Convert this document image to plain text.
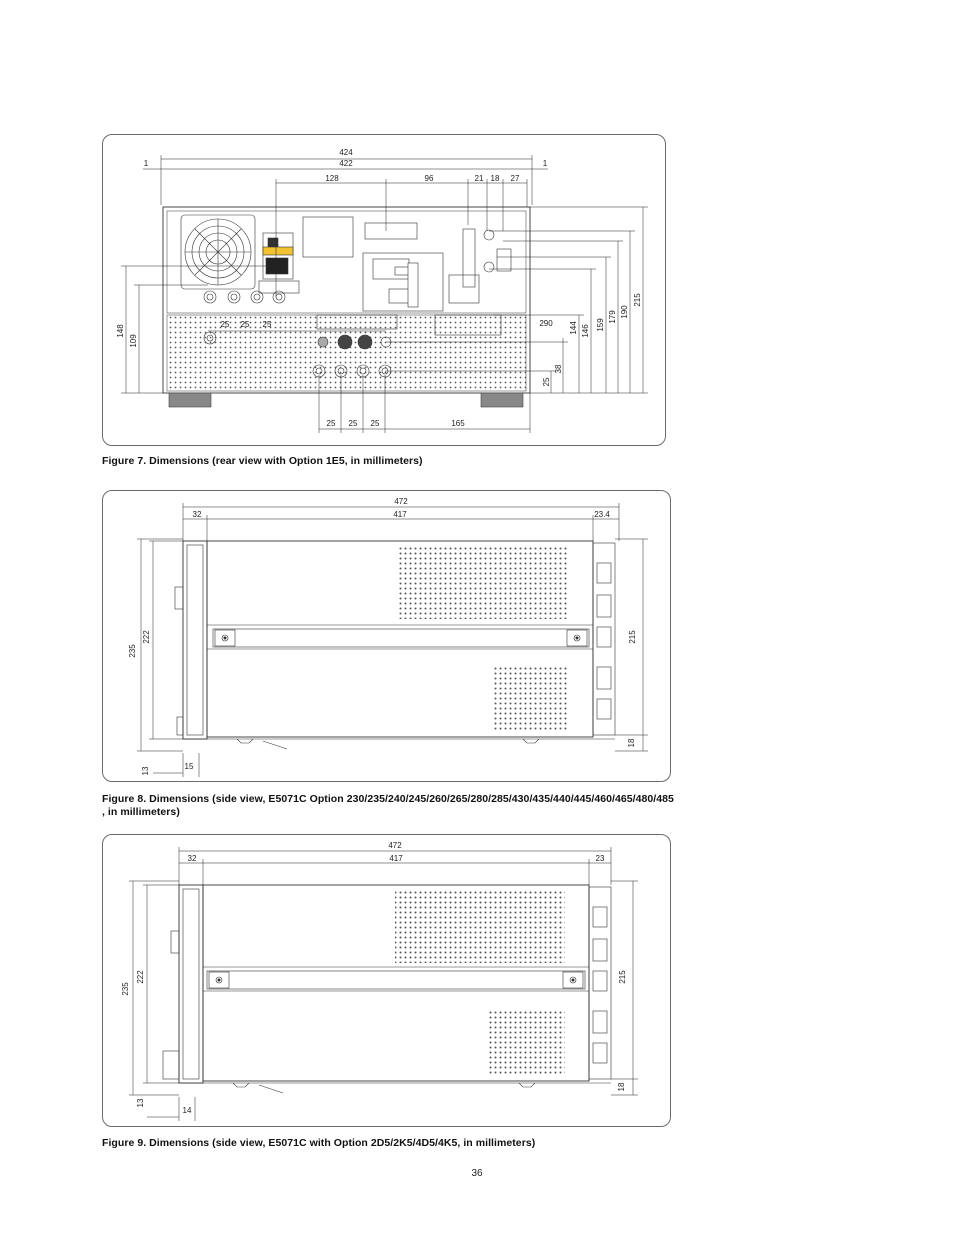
424
422
1	1
128	96	21 18 27
148
109
25 25 25	290
25
38
144 146 159
179 190
215
25 25 25	165
Figure 7. Dimensions (rear view with Option 1E5, in millimeters)
472
32	417	23.4
235
222	215
13	15
18
Figure 8. Dimensions (side view, E5071C Option 230/235/240/245/260/265/280/285/430/435/440/445/460/465/480/485
, in millimeters)
472
32	417	23
235
222	215
13
14
18
Figure 9. Dimensions (side view, E5071C with Option 2D5/2K5/4D5/4K5, in millimeters)
36
